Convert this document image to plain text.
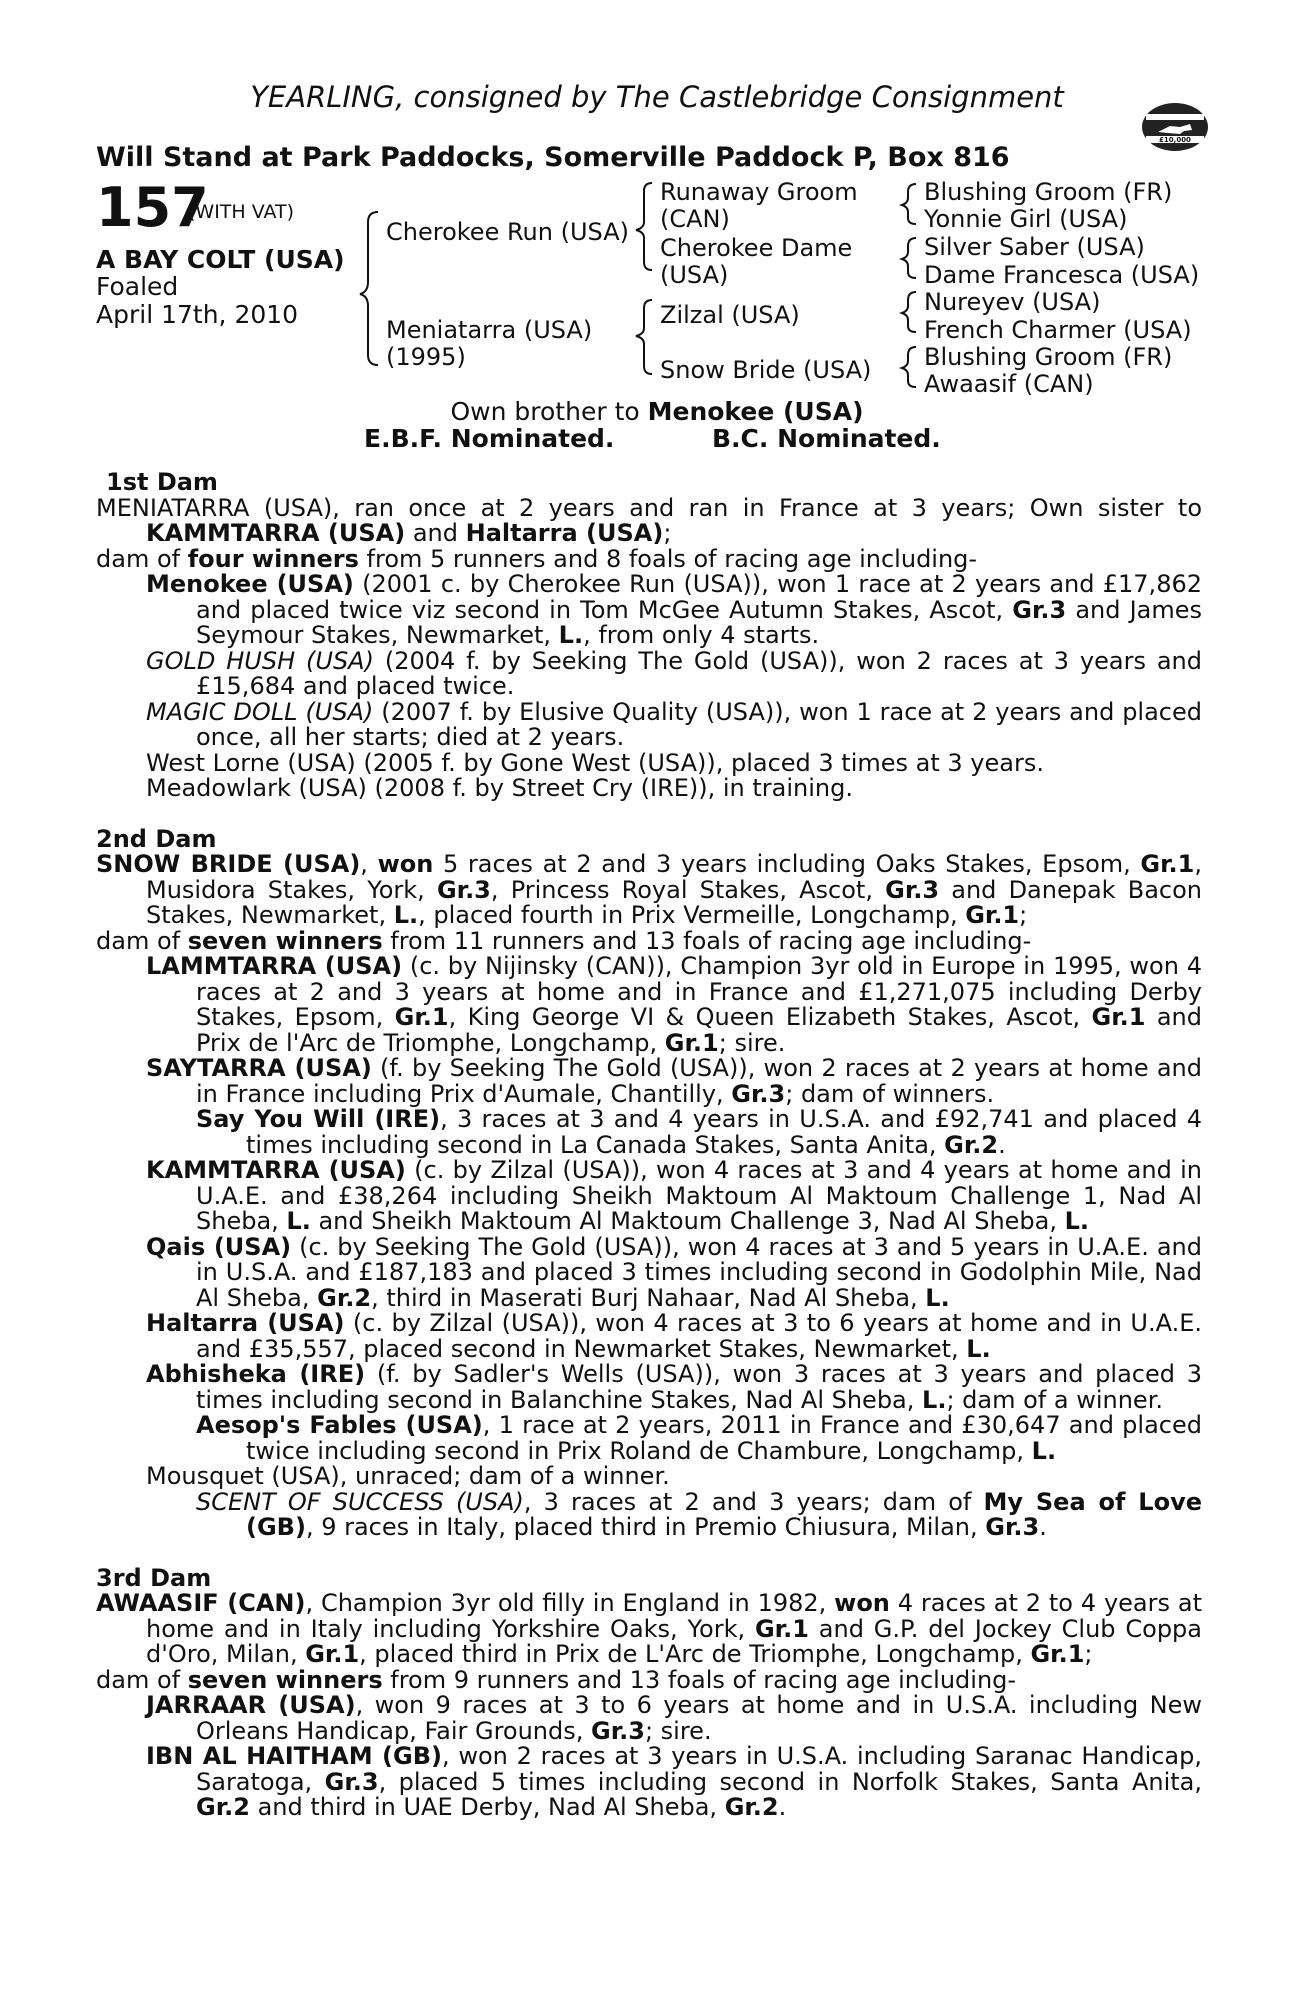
YEARLING, consigned by The Castlebridge Consignment
£10,000
Will Stand at Park Paddocks, Somerville Paddock P, Box 816
157
(WITH VAT)
A BAY COLT (USA)
Foaled
April 17th, 2010
Cherokee Run (USA)
Meniatarra (USA)
(1995)
Runaway Groom
(CAN)
Cherokee Dame
(USA)
Zilzal (USA)
Snow Bride (USA)
Blushing Groom (FR)
Yonnie Girl (USA)
Silver Saber (USA)
Dame Francesca (USA)
Nureyev (USA)
French Charmer (USA)
Blushing Groom (FR)
Awaasif (CAN)
Own brother to Menokee (USA)
E.B.F. Nominated.	B.C. Nominated.

1st Dam

MENIATARRA (USA), ran once at 2 years and ran in France at 3 years; Own sister to KAMMTARRA (USA) and Haltarra (USA);

dam of four winners from 5 runners and 8 foals of racing age including-

Menokee (USA) (2001 c. by Cherokee Run (USA)), won 1 race at 2 years and £17,862 and placed twice viz second in Tom McGee Autumn Stakes, Ascot, Gr.3 and James Seymour Stakes, Newmarket, L., from only 4 starts.

GOLD HUSH (USA) (2004 f. by Seeking The Gold (USA)), won 2 races at 3 years and £15,684 and placed twice.

MAGIC DOLL (USA) (2007 f. by Elusive Quality (USA)), won 1 race at 2 years and placed once, all her starts; died at 2 years.

West Lorne (USA) (2005 f. by Gone West (USA)), placed 3 times at 3 years.

Meadowlark (USA) (2008 f. by Street Cry (IRE)), in training.

2nd Dam

SNOW BRIDE (USA), won 5 races at 2 and 3 years including Oaks Stakes, Epsom, Gr.1, Musidora Stakes, York, Gr.3, Princess Royal Stakes, Ascot, Gr.3 and Danepak Bacon Stakes, Newmarket, L., placed fourth in Prix Vermeille, Longchamp, Gr.1;

dam of seven winners from 11 runners and 13 foals of racing age including-

LAMMTARRA (USA) (c. by Nijinsky (CAN)), Champion 3yr old in Europe in 1995, won 4 races at 2 and 3 years at home and in France and £1,271,075 including Derby Stakes, Epsom, Gr.1, King George VI & Queen Elizabeth Stakes, Ascot, Gr.1 and Prix de l'Arc de Triomphe, Longchamp, Gr.1; sire.

SAYTARRA (USA) (f. by Seeking The Gold (USA)), won 2 races at 2 years at home and in France including Prix d'Aumale, Chantilly, Gr.3; dam of winners.

Say You Will (IRE), 3 races at 3 and 4 years in U.S.A. and £92,741 and placed 4 times including second in La Canada Stakes, Santa Anita, Gr.2.

KAMMTARRA (USA) (c. by Zilzal (USA)), won 4 races at 3 and 4 years at home and in U.A.E. and £38,264 including Sheikh Maktoum Al Maktoum Challenge 1, Nad Al Sheba, L. and Sheikh Maktoum Al Maktoum Challenge 3, Nad Al Sheba, L.

Qais (USA) (c. by Seeking The Gold (USA)), won 4 races at 3 and 5 years in U.A.E. and in U.S.A. and £187,183 and placed 3 times including second in Godolphin Mile, Nad Al Sheba, Gr.2, third in Maserati Burj Nahaar, Nad Al Sheba, L.

Haltarra (USA) (c. by Zilzal (USA)), won 4 races at 3 to 6 years at home and in U.A.E. and £35,557, placed second in Newmarket Stakes, Newmarket, L.

Abhisheka (IRE) (f. by Sadler's Wells (USA)), won 3 races at 3 years and placed 3 times including second in Balanchine Stakes, Nad Al Sheba, L.; dam of a winner.

Aesop's Fables (USA), 1 race at 2 years, 2011 in France and £30,647 and placed twice including second in Prix Roland de Chambure, Longchamp, L.

Mousquet (USA), unraced; dam of a winner.

SCENT OF SUCCESS (USA), 3 races at 2 and 3 years; dam of My Sea of Love (GB), 9 races in Italy, placed third in Premio Chiusura, Milan, Gr.3.

3rd Dam

AWAASIF (CAN), Champion 3yr old filly in England in 1982, won 4 races at 2 to 4 years at home and in Italy including Yorkshire Oaks, York, Gr.1 and G.P. del Jockey Club Coppa d'Oro, Milan, Gr.1, placed third in Prix de L'Arc de Triomphe, Longchamp, Gr.1;

dam of seven winners from 9 runners and 13 foals of racing age including-

JARRAAR (USA), won 9 races at 3 to 6 years at home and in U.S.A. including New Orleans Handicap, Fair Grounds, Gr.3; sire.

IBN AL HAITHAM (GB), won 2 races at 3 years in U.S.A. including Saranac Handicap, Saratoga, Gr.3, placed 5 times including second in Norfolk Stakes, Santa Anita, Gr.2 and third in UAE Derby, Nad Al Sheba, Gr.2.
